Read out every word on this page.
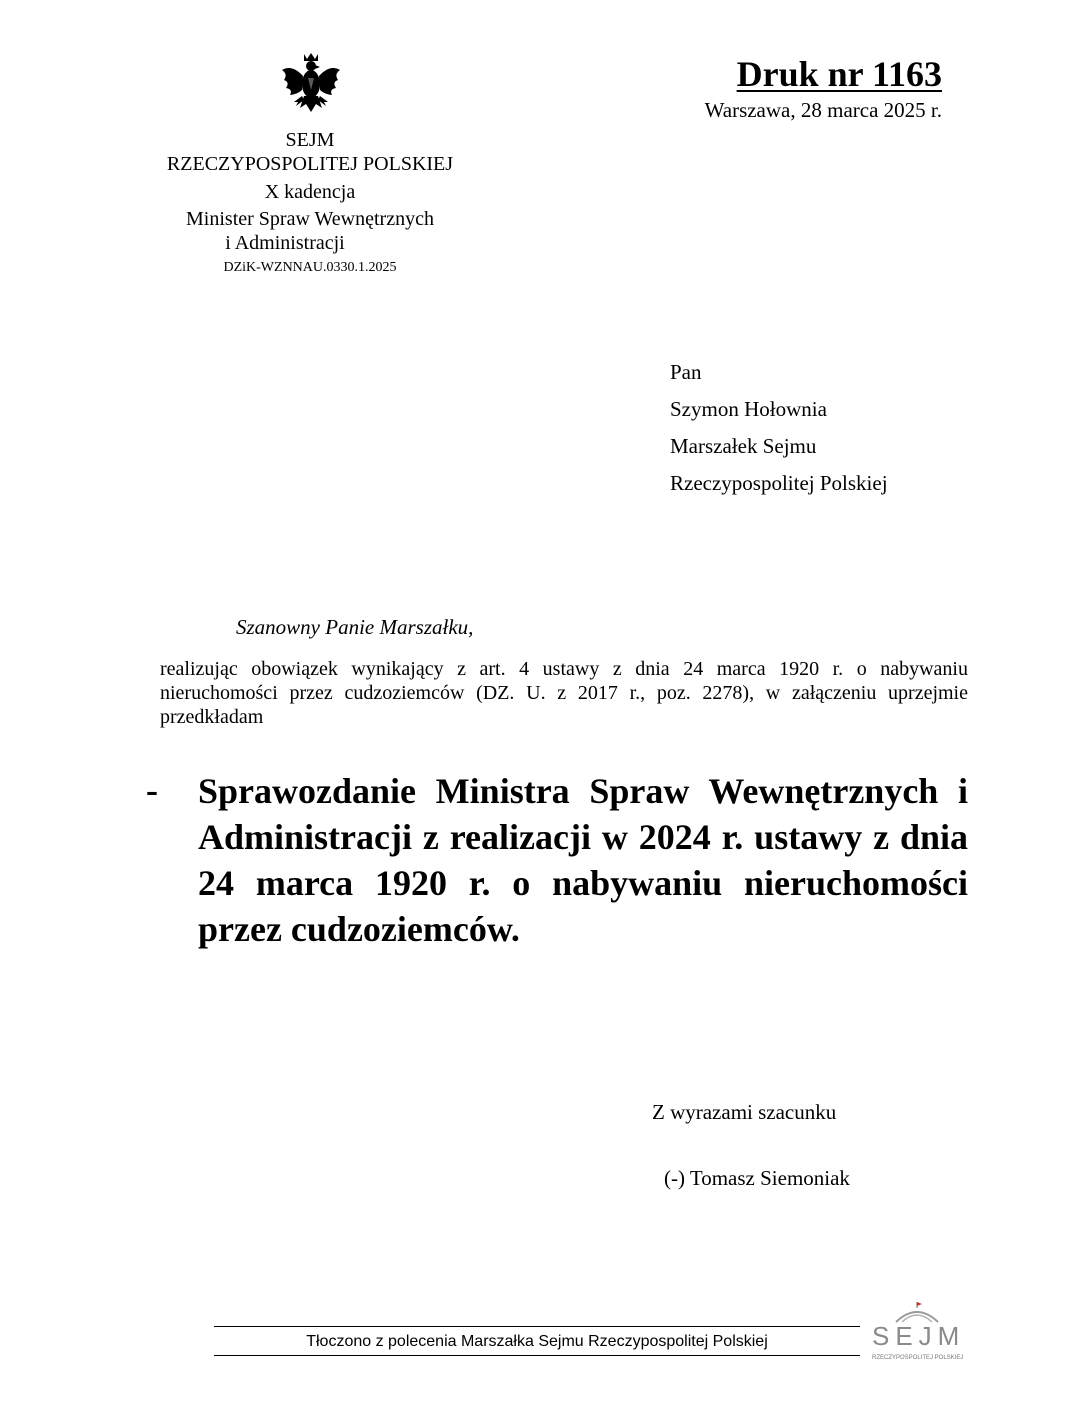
SEJM
RZECZYPOSPOLITEJ POLSKIEJ
X kadencja
Minister Spraw Wewnętrznych
i Administracji
DZiK-WZNNAU.0330.1.2025
Druk nr 1163
Warszawa, 28 marca 2025 r.
Pan
Szymon Hołownia
Marszałek Sejmu
Rzeczypospolitej Polskiej
Szanowny Panie Marszałku,
realizując obowiązek wynikający z art. 4 ustawy z dnia 24 marca 1920 r. o nabywaniu nieruchomości przez cudzoziemców (DZ. U. z 2017 r., poz. 2278), w załączeniu uprzejmie przedkładam
- Sprawozdanie Ministra Spraw Wewnętrznych i Administracji z realizacji w 2024 r. ustawy z dnia 24 marca 1920 r. o nabywaniu nieruchomości przez cudzoziemców.
Z wyrazami szacunku
(-) Tomasz Siemoniak
Tłoczono z polecenia Marszałka Sejmu Rzeczypospolitej Polskiej	SEJM
RZECZYPOSPOLITEJ POLSKIEJ
